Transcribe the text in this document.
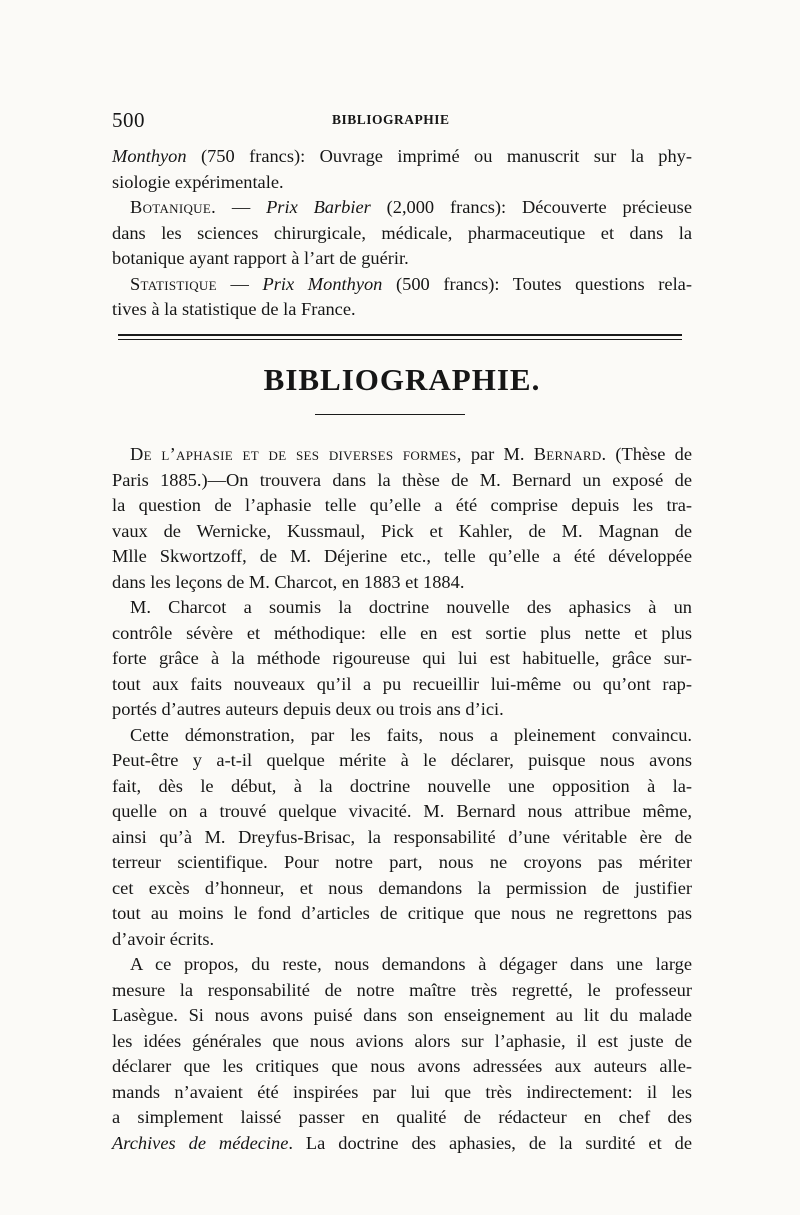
500	BIBLIOGRAPHIE
Monthyon (750 francs): Ouvrage imprimé ou manuscrit sur la phy-
siologie expérimentale.
Botanique. — Prix Barbier (2,000 francs): Découverte précieuse
dans les sciences chirurgicale, médicale, pharmaceutique et dans la
botanique ayant rapport à l’art de guérir.
Statistique — Prix Monthyon (500 francs): Toutes questions rela-
tives à la statistique de la France.
BIBLIOGRAPHIE.
De l’aphasie et de ses diverses formes, par M. Bernard. (Thèse de
Paris 1885.)—On trouvera dans la thèse de M. Bernard un exposé de
la question de l’aphasie telle qu’elle a été comprise depuis les tra-
vaux de Wernicke, Kussmaul, Pick et Kahler, de M. Magnan de
Mlle Skwortzoff, de M. Déjerine etc., telle qu’elle a été développée
dans les leçons de M. Charcot, en 1883 et 1884.
M. Charcot a soumis la doctrine nouvelle des aphasics à un
contrôle sévère et méthodique: elle en est sortie plus nette et plus
forte grâce à la méthode rigoureuse qui lui est habituelle, grâce sur-
tout aux faits nouveaux qu’il a pu recueillir lui-même ou qu’ont rap-
portés d’autres auteurs depuis deux ou trois ans d’ici.
Cette démonstration, par les faits, nous a pleinement convaincu.
Peut-être y a-t-il quelque mérite à le déclarer, puisque nous avons
fait, dès le début, à la doctrine nouvelle une opposition à la-
quelle on a trouvé quelque vivacité. M. Bernard nous attribue même,
ainsi qu’à M. Dreyfus-Brisac, la responsabilité d’une véritable ère de
terreur scientifique. Pour notre part, nous ne croyons pas mériter
cet excès d’honneur, et nous demandons la permission de justifier
tout au moins le fond d’articles de critique que nous ne regrettons pas
d’avoir écrits.
A ce propos, du reste, nous demandons à dégager dans une large
mesure la responsabilité de notre maître très regretté, le professeur
Lasègue. Si nous avons puisé dans son enseignement au lit du malade
les idées générales que nous avions alors sur l’aphasie, il est juste de
déclarer que les critiques que nous avons adressées aux auteurs alle-
mands n’avaient été inspirées par lui que très indirectement: il les
a simplement laissé passer en qualité de rédacteur en chef des
Archives de médecine. La doctrine des aphasies, de la surdité et de
